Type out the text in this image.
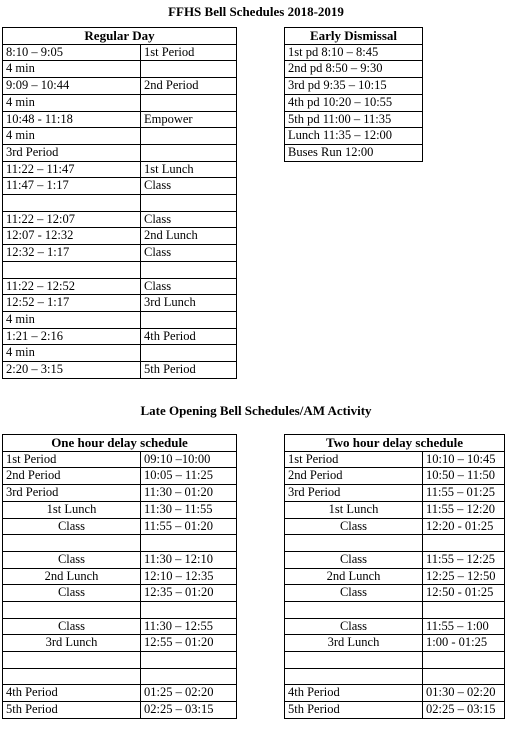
FFHS Bell Schedules 2018-2019
Regular Day	
8:10 – 9:05	1st Period
4 min	
9:09 – 10:44	2nd Period
4 min	
10:48 - 11:18	Empower
4 min	
3rd Period	
11:22 – 11:47	1st Lunch
11:47 – 1:17	Class

11:22 – 12:07	Class
12:07 - 12:32	2nd Lunch
12:32 – 1:17	Class

11:22 – 12:52	Class
12:52 – 1:17	3rd Lunch
4 min	
1:21 – 2:16	4th Period
4 min	
2:20 – 3:15	5th Period
Early Dismissal
1st pd 8:10 – 8:45
2nd pd 8:50 – 9:30
3rd pd 9:35 – 10:15
4th pd 10:20 – 10:55
5th pd 11:00 – 11:35
Lunch 11:35 – 12:00
Buses Run 12:00
Late Opening Bell Schedules/AM Activity
One hour delay schedule	
1st Period	09:10 –10:00
2nd Period	10:05 – 11:25
3rd Period	11:30 – 01:20
1st Lunch	11:30 – 11:55
Class	11:55 – 01:20

Class	11:30 – 12:10
2nd Lunch	12:10 – 12:35
Class	12:35 – 01:20

Class	11:30 – 12:55
3rd Lunch	12:55 – 01:20

4th Period	01:25 – 02:20
5th Period	02:25 – 03:15
Two hour delay schedule	
1st Period	10:10 – 10:45
2nd Period	10:50 – 11:50
3rd Period	11:55 – 01:25
1st Lunch	11:55 – 12:20
Class	12:20 - 01:25

Class	11:55 – 12:25
2nd Lunch	12:25 – 12:50
Class	12:50 - 01:25

Class	11:55 – 1:00
3rd Lunch	1:00 - 01:25

4th Period	01:30 – 02:20
5th Period	02:25 – 03:15
